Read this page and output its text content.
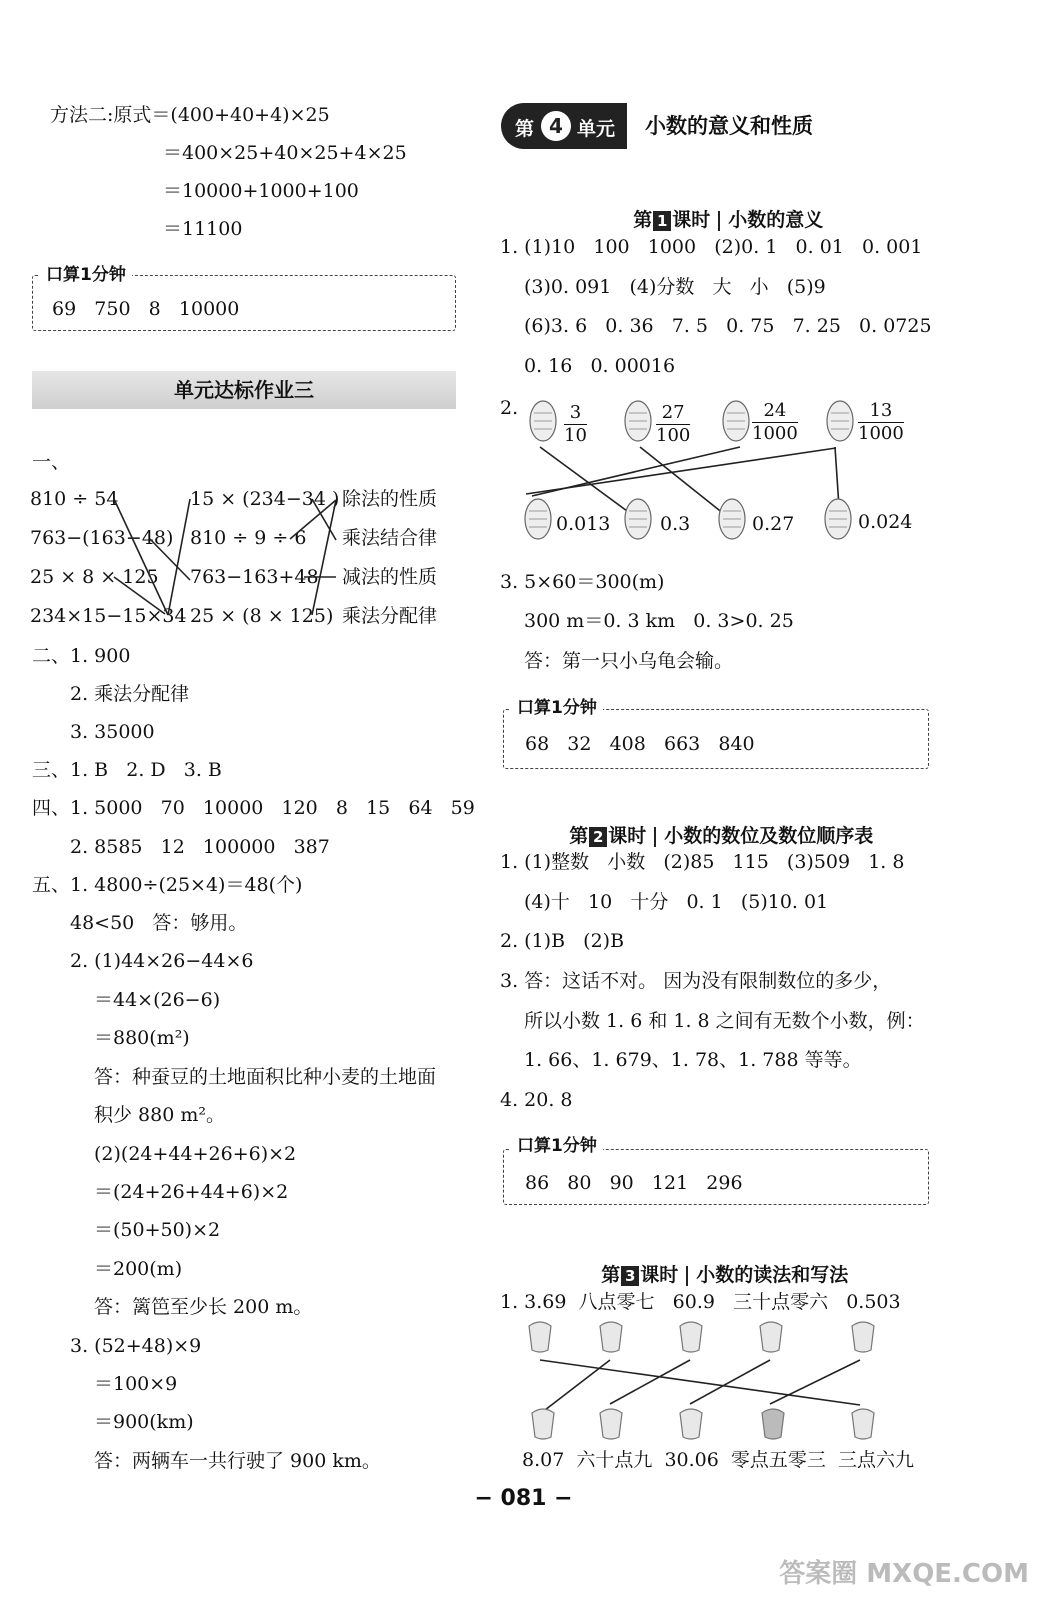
方法二:原式＝(400+40+4)×25
＝400×25+40×25+4×25
＝10000+1000+100
＝11100
口算1分钟
69   750   8   10000
单元达标作业三
一、
810 ÷ 54
763−(163−48)
25 × 8 × 125
234×15−15×34
15 × (234−34 )
810 ÷ 9 ÷ 6
763−163+48
25 × (8 × 125)
除法的性质
乘法结合律
减法的性质
乘法分配律
二、1. 900
2. 乘法分配律
3. 35000
三、1. B   2. D   3. B
四、1. 5000   70   10000   120   8   15   64   59
2. 8585   12   100000   387
五、1. 4800÷(25×4)＝48(个)
48<50   答：够用。
2. (1)44×26−44×6
＝44×(26−6)
＝880(m²)
答：种蚕豆的土地面积比种小麦的土地面
积少 880 m²。
(2)(24+44+26+6)×2
＝(24+26+44+6)×2
＝(50+50)×2
＝200(m)
答：篱笆至少长 200 m。
3. (52+48)×9
＝100×9
＝900(km)
答：两辆车一共行驶了 900 km。
第 4 单元 小数的意义和性质

第 1 课时 小数的意义

1. (1)10   100   1000   (2)0. 1   0. 01   0. 001
(3)0. 091   (4)分数   大   小   (5)9
(6)3. 6   0. 36   7. 5   0. 75   7. 25   0. 0725
0. 16   0. 00016
2.	$\frac{3}{10}$	$\frac{27}{100}$	$\frac{24}{1000}$	$\frac{13}{1000}$
0.013	0.3	0.27	0.024
3. 5×60＝300(m)
300 m＝0. 3 km   0. 3>0. 25
答：第一只小乌龟会输。
口算1分钟
68   32   408   663   840

第 2 课时 小数的数位及数位顺序表

1. (1)整数   小数   (2)85   115   (3)509   1. 8
(4)十   10   十分   0. 1   (5)10. 01
2. (1)B   (2)B
3. 答：这话不对。 因为没有限制数位的多少，
所以小数 1. 6 和 1. 8 之间有无数个小数，例：
1. 66、1. 679、1. 78、1. 788 等等。
4. 20. 8
口算1分钟
86   80   90   121   296

第 3 课时 小数的读法和写法

1. 3.69  八点零七   60.9   三十点零六   0.503
8.07  六十点九  30.06  零点五零三  三点六九
− 081 −
答案圈 MXQE.COM
